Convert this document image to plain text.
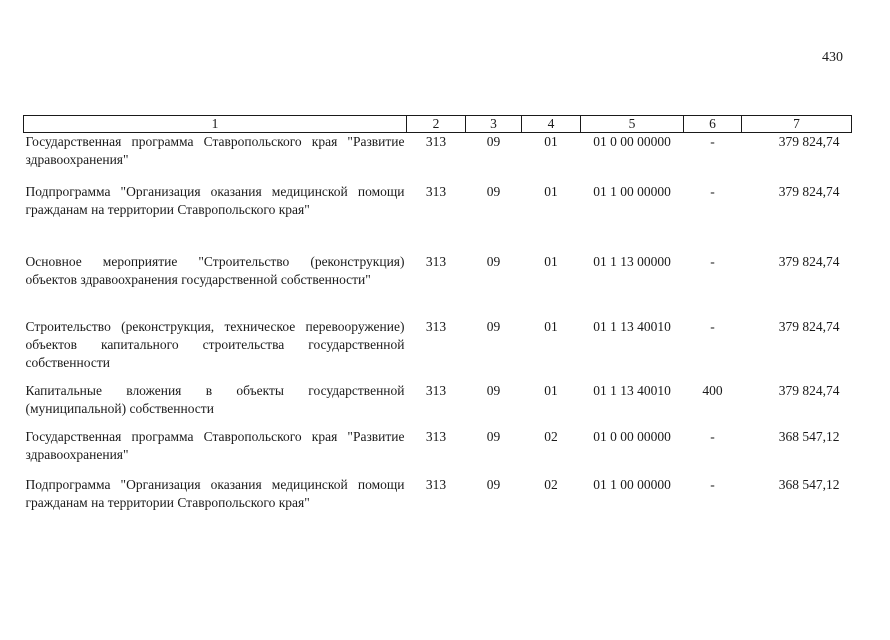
430
1	2	3	4	5	6	7
Государственная программа Ставропольского края "Развитие здравоохранения"	313	09	01	01 0 00 00000	-	379 824,74
Подпрограмма "Организация оказания медицинской помощи гражданам на территории Ставропольского края"	313	09	01	01 1 00 00000	-	379 824,74
Основное мероприятие "Строительство (реконструкция) объектов здравоохранения государственной собственности"	313	09	01	01 1 13 00000	-	379 824,74
Строительство (реконструкция, техническое перевооружение) объектов капитального строительства государственной собственности	313	09	01	01 1 13 40010	-	379 824,74
Капитальные вложения в объекты государственной (муниципальной) собственности	313	09	01	01 1 13 40010	400	379 824,74
Государственная программа Ставропольского края "Развитие здравоохранения"	313	09	02	01 0 00 00000	-	368 547,12
Подпрограмма "Организация оказания медицинской помощи гражданам на территории Ставропольского края"	313	09	02	01 1 00 00000	-	368 547,12
